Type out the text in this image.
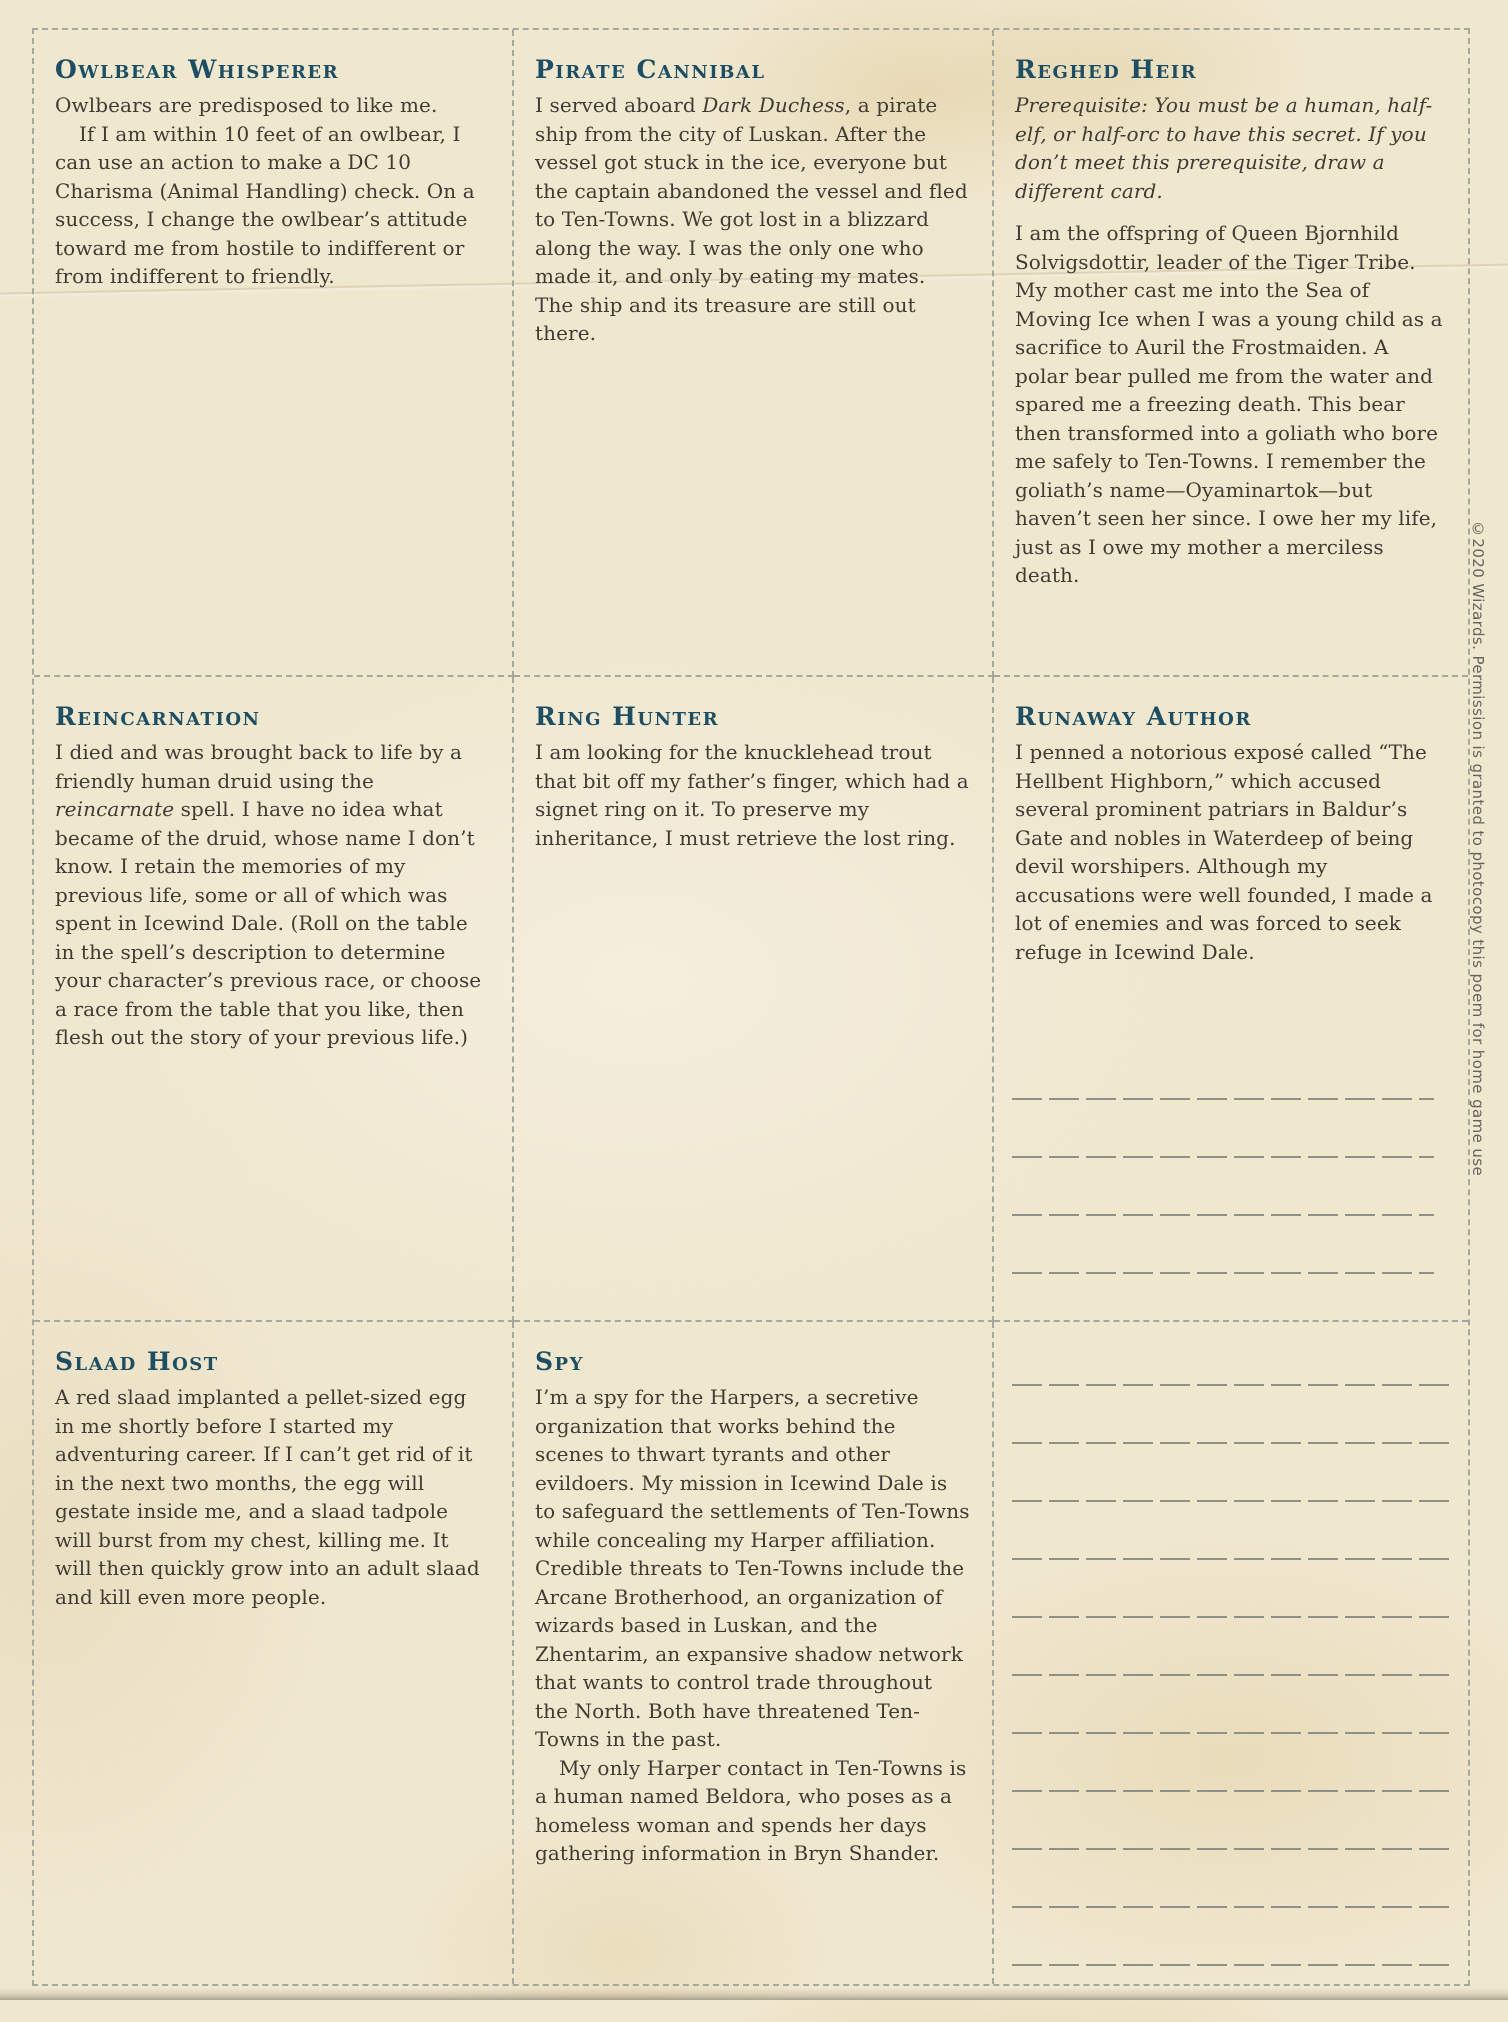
Owlbear Whisperer

Owlbears are predisposed to like me.

If I am within 10 feet of an owlbear, I can use an action to make a DC 10 Charisma (Animal Handling) check. On a success, I change the owlbear’s attitude toward me from hostile to indifferent or from indifferent to friendly.

Pirate Cannibal

I served aboard Dark Duchess, a pirate ship from the city of Luskan. After the vessel got stuck in the ice, everyone but the captain abandoned the vessel and fled to Ten-Towns. We got lost in a blizzard along the way. I was the only one who made it, and only by eating my mates. The ship and its treasure are still out there.

Reghed Heir

Prerequisite: You must be a human, half-elf, or half-orc to have this secret. If you don’t meet this prerequisite, draw a different card.

I am the offspring of Queen Bjornhild Solvigsdottir, leader of the Tiger Tribe. My mother cast me into the Sea of Moving Ice when I was a young child as a sacrifice to Auril the Frostmaiden. A polar bear pulled me from the water and spared me a freezing death. This bear then transformed into a goliath who bore me safely to Ten-Towns. I remember the goliath’s name—Oyaminartok—but haven’t seen her since. I owe her my life, just as I owe my mother a merciless death.

Reincarnation

I died and was brought back to life by a friendly human druid using the reincarnate spell. I have no idea what became of the druid, whose name I don’t know. I retain the memories of my previous life, some or all of which was spent in Icewind Dale. (Roll on the table in the spell’s description to determine your character’s previous race, or choose a race from the table that you like, then flesh out the story of your previous life.)

Ring Hunter

I am looking for the knucklehead trout that bit off my father’s finger, which had a signet ring on it. To preserve my inheritance, I must retrieve the lost ring.

Runaway Author

I penned a notorious exposé called “The Hellbent Highborn,” which accused several prominent patriars in Baldur’s Gate and nobles in Waterdeep of being devil worshipers. Although my accusations were well founded, I made a lot of enemies and was forced to seek refuge in Icewind Dale.

Slaad Host

A red slaad implanted a pellet-sized egg in me shortly before I started my adventuring career. If I can’t get rid of it in the next two months, the egg will gestate inside me, and a slaad tadpole will burst from my chest, killing me. It will then quickly grow into an adult slaad and kill even more people.

Spy

I’m a spy for the Harpers, a secretive organization that works behind the scenes to thwart tyrants and other evildoers. My mission in Icewind Dale is to safeguard the settlements of Ten-Towns while concealing my Harper affiliation. Credible threats to Ten-Towns include the Arcane Brotherhood, an organization of wizards based in Luskan, and the Zhentarim, an expansive shadow network that wants to control trade throughout the North. Both have threatened Ten-Towns in the past.

My only Harper contact in Ten-Towns is a human named Beldora, who poses as a homeless woman and spends her days gathering information in Bryn Shander.

©2020 Wizards. Permission is granted to photocopy this poem for home game use
